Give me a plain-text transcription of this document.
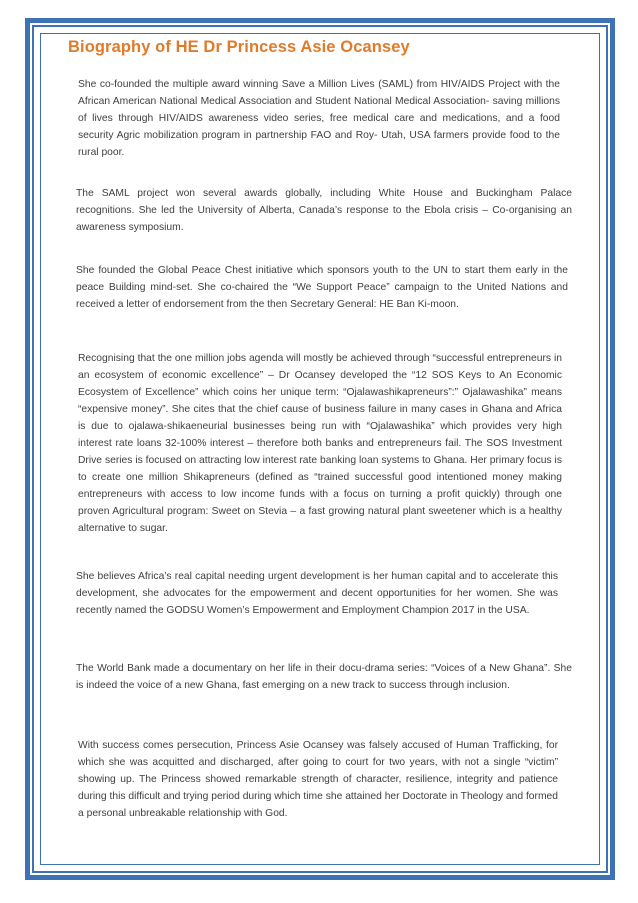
Biography of HE Dr Princess Asie Ocansey

She co-founded the multiple award winning Save a Million Lives (SAML) from HIV/AIDS Project with the African American National Medical Association and Student National Medical Association- saving millions of lives through HIV/AIDS awareness video series, free medical care and medications, and a food security Agric mobilization program in partnership FAO and Roy- Utah, USA farmers provide food to the rural poor.

The SAML project won several awards globally, including White House and Buckingham Palace recognitions. She led the University of Alberta, Canada’s response to the Ebola crisis – Co-organising an awareness symposium.

She founded the Global Peace Chest initiative which sponsors youth to the UN to start them early in the peace Building mind-set. She co-chaired the “We Support Peace” campaign to the United Nations and received a letter of endorsement from the then Secretary General: HE Ban Ki-moon.

Recognising that the one million jobs agenda will mostly be achieved through “successful entrepreneurs in an ecosystem of economic excellence” – Dr Ocansey developed the “12 SOS Keys to An Economic Ecosystem of Excellence” which coins her unique term: “Ojalawashikapreneurs”:” Ojalawashika” means “expensive money”. She cites that the chief cause of business failure in many cases in Ghana and Africa is due to ojalawa-shikaeneurial businesses being run with “Ojalawashika” which provides very high interest rate loans 32-100% interest – therefore both banks and entrepreneurs fail. The SOS Investment Drive series is focused on attracting low interest rate banking loan systems to Ghana. Her primary focus is to create one million Shikapreneurs (defined as “trained successful good intentioned money making entrepreneurs with access to low income funds with a focus on turning a profit quickly) through one proven Agricultural program: Sweet on Stevia – a fast growing natural plant sweetener which is a healthy alternative to sugar.

She believes Africa’s real capital needing urgent development is her human capital and to accelerate this development, she advocates for the empowerment and decent opportunities for her women. She was recently named the GODSU Women’s Empowerment and Employment Champion 2017 in the USA.

The World Bank made a documentary on her life in their docu-drama series: “Voices of a New Ghana”. She is indeed the voice of a new Ghana, fast emerging on a new track to success through inclusion.

With success comes persecution, Princess Asie Ocansey was falsely accused of Human Trafficking, for which she was acquitted and discharged, after going to court for two years, with not a single “victim” showing up. The Princess showed remarkable strength of character, resilience, integrity and patience during this difficult and trying period during which time she attained her Doctorate in Theology and formed a personal unbreakable relationship with God.
